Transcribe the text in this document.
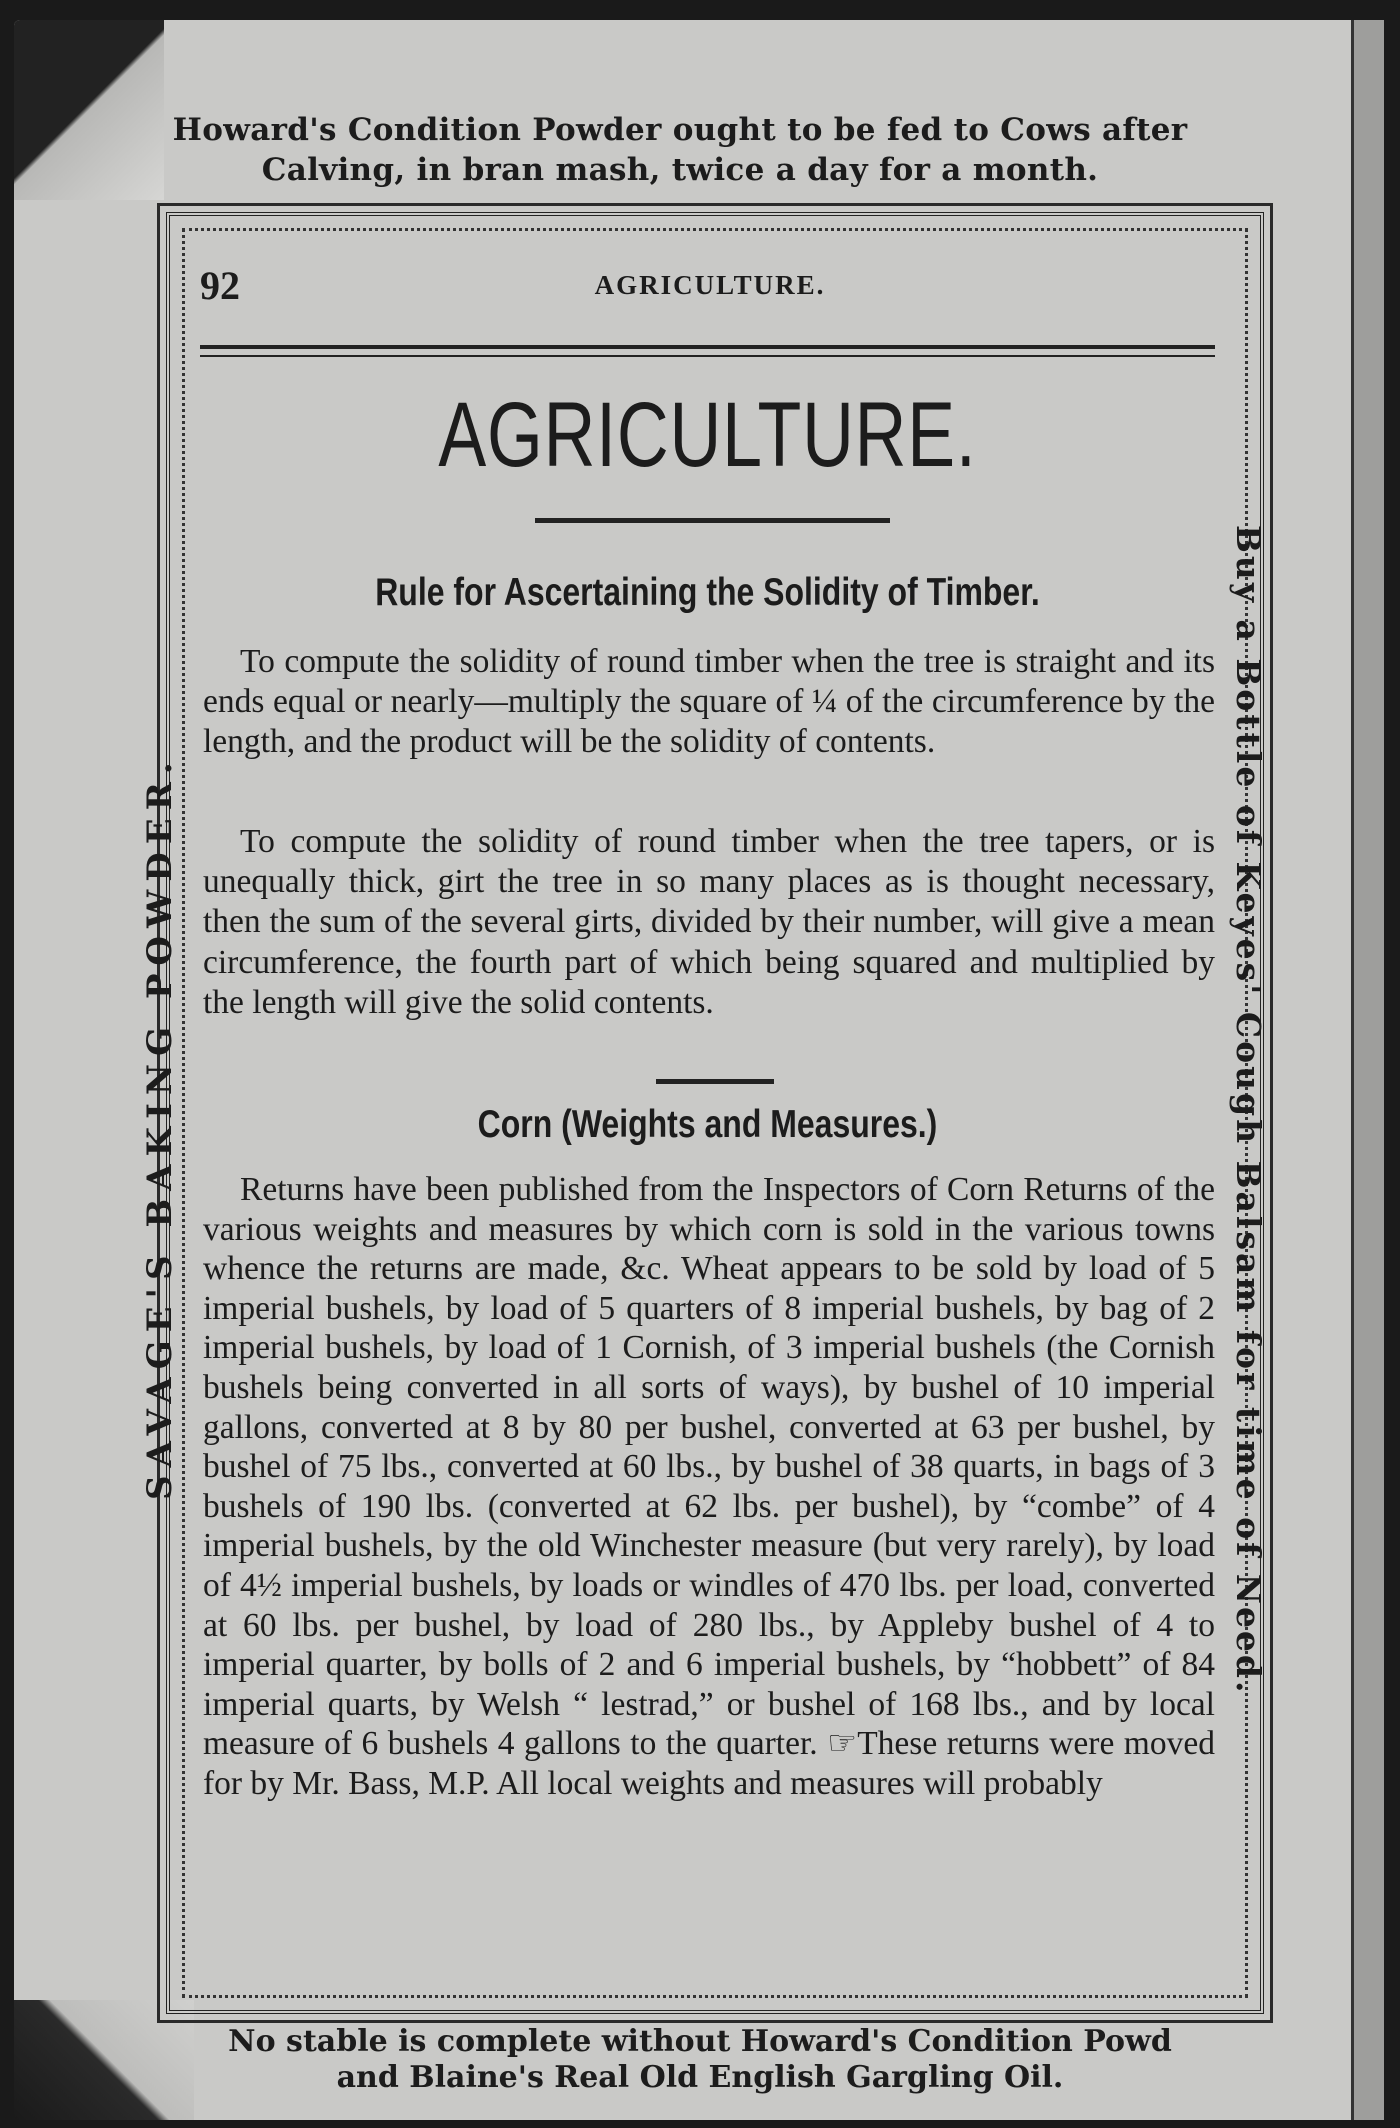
Howard's Condition Powder ought to be fed to Cows after
Calving, in bran mash, twice a day for a month.
92	AGRICULTURE.
AGRICULTURE.
Rule for Ascertaining the Solidity of Timber.

To compute the solidity of round timber when the tree is straight and its ends equal or nearly—multiply the square of ¼ of the circumference by the length, and the product will be the solidity of contents.

To compute the solidity of round timber when the tree tapers, or is unequally thick, girt the tree in so many places as is thought necessary, then the sum of the several girts, divided by their number, will give a mean circumference, the fourth part of which being squared and multiplied by the length will give the solid contents.

Corn (Weights and Measures.)

Returns have been published from the Inspectors of Corn Returns of the various weights and measures by which corn is sold in the various towns whence the returns are made, &c. Wheat appears to be sold by load of 5 imperial bushels, by load of 5 quarters of 8 imperial bushels, by bag of 2 imperial bushels, by load of 1 Cornish, of 3 imperial bushels (the Cornish bushels being converted in all sorts of ways), by bushel of 10 imperial gallons, converted at 8 by 80 per bushel, converted at 63 per bushel, by bushel of 75 lbs., converted at 60 lbs., by bushel of 38 quarts, in bags of 3 bushels of 190 lbs. (converted at 62 lbs. per bushel), by “combe” of 4 imperial bushels, by the old Winchester measure (but very rarely), by load of 4½ imperial bushels, by loads or windles of 470 lbs. per load, converted at 60 lbs. per bushel, by load of 280 lbs., by Appleby bushel of 4 to imperial quarter, by bolls of 2 and 6 imperial bushels, by “hobbett” of 84 imperial quarts, by Welsh “ lestrad,” or bushel of 168 lbs., and by local measure of 6 bushels 4 gallons to the quarter. ☞These returns were moved for by Mr. Bass, M.P. All local weights and measures will probably

No stable is complete without Howard's Condition Powd
and Blaine's Real Old English Gargling Oil.
SAVAGE'S BAKING POWDER.	Buy a Bottle of Keyes' Cough Balsam for time of Need.
